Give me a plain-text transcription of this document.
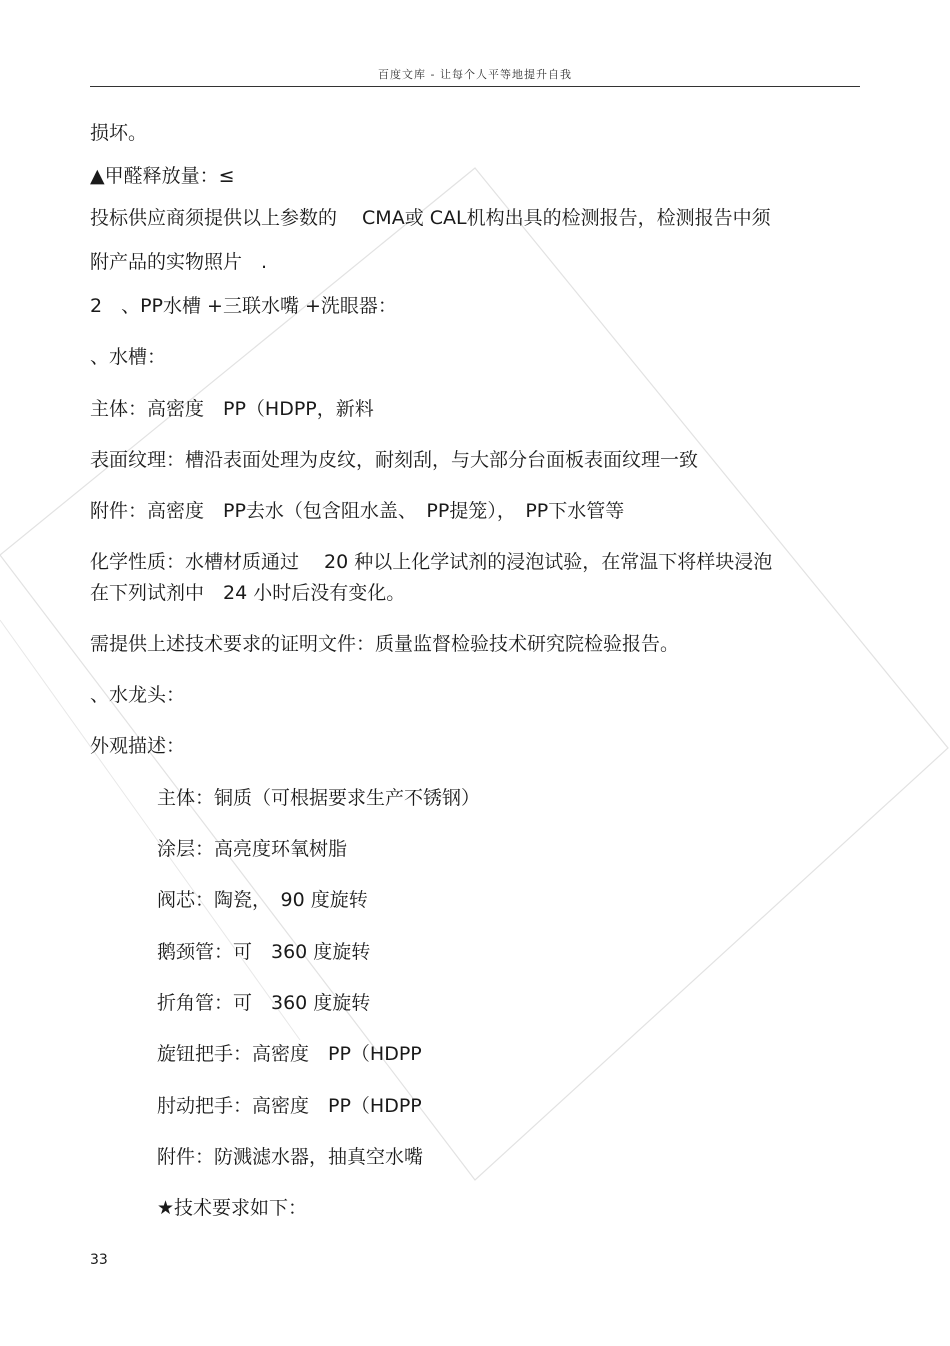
百度文库 - 让每个人平等地提升自我
损坏。
▲甲醛释放量：≤
投标供应商须提供以上参数的　 CMA或 CAL机构出具的检测报告，检测报告中须
附产品的实物照片　.
2　、PP水槽 +三联水嘴 +洗眼器：
、水槽：
主体：高密度　PP（HDPP，新料
表面纹理：槽沿表面处理为皮纹，耐刻刮，与大部分台面板表面纹理一致
附件：高密度　PP去水（包含阻水盖、　PP提笼），　PP下水管等
化学性质：水槽材质通过　 20 种以上化学试剂的浸泡试验，在常温下将样块浸泡
在下列试剂中　24 小时后没有变化。
需提供上述技术要求的证明文件：质量监督检验技术研究院检验报告。
、水龙头：
外观描述：
主体：铜质（可根据要求生产不锈钢）
涂层：高亮度环氧树脂
阀芯：陶瓷，　90 度旋转
鹅颈管：可　360 度旋转
折角管：可　360 度旋转
旋钮把手：高密度　PP（HDPP
肘动把手：高密度　PP（HDPP
附件：防溅滤水器，抽真空水嘴
★技术要求如下：
33
